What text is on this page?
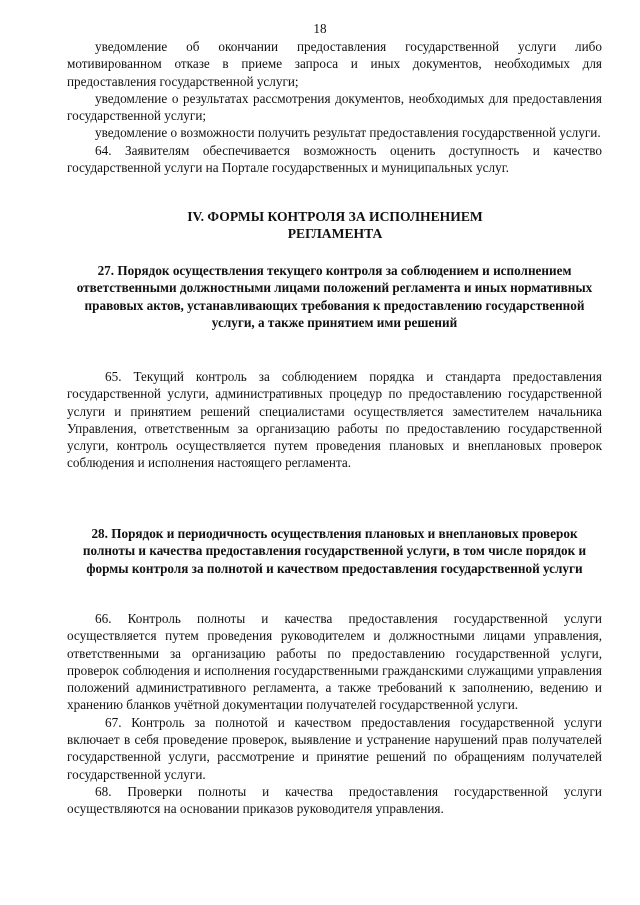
18

уведомление об окончании предоставления государственной услуги либо мотивированном отказе в приеме запроса и иных документов, необходимых для предоставления государственной услуги;

уведомление о результатах рассмотрения документов, необходимых для предоставления государственной услуги;

уведомление о возможности получить результат предоставления государственной услуги.

64. Заявителям обеспечивается возможность оценить доступность и качество государственной услуги на Портале государственных и муниципальных услуг.

IV. ФОРМЫ КОНТРОЛЯ ЗА ИСПОЛНЕНИЕМ РЕГЛАМЕНТА

27. Порядок осуществления текущего контроля за соблюдением и исполнением ответственными должностными лицами положений регламента и иных нормативных правовых актов, устанавливающих требования к предоставлению государственной услуги, а также принятием ими решений

65. Текущий контроль за соблюдением порядка и стандарта предоставления государственной услуги, административных процедур по предоставлению государственной услуги и принятием решений специалистами осуществляется заместителем начальника Управления, ответственным за организацию работы по предоставлению государственной услуги, контроль осуществляется путем проведения плановых и внеплановых проверок соблюдения и исполнения настоящего регламента.

28. Порядок и периодичность осуществления плановых и внеплановых проверок полноты и качества предоставления государственной услуги, в том числе порядок и формы контроля за полнотой и качеством предоставления государственной услуги

66. Контроль полноты и качества предоставления государственной услуги осуществляется путем проведения руководителем и должностными лицами управления, ответственными за организацию работы по предоставлению государственной услуги, проверок соблюдения и исполнения государственными гражданскими служащими управления положений административного регламента, а также требований к заполнению, ведению и хранению бланков учётной документации получателей государственной услуги.

67. Контроль за полнотой и качеством предоставления государственной услуги включает в себя проведение проверок, выявление и устранение нарушений прав получателей государственной услуги, рассмотрение и принятие решений по обращениям получателей государственной услуги.

68. Проверки полноты и качества предоставления государственной услуги осуществляются на основании приказов руководителя управления.
